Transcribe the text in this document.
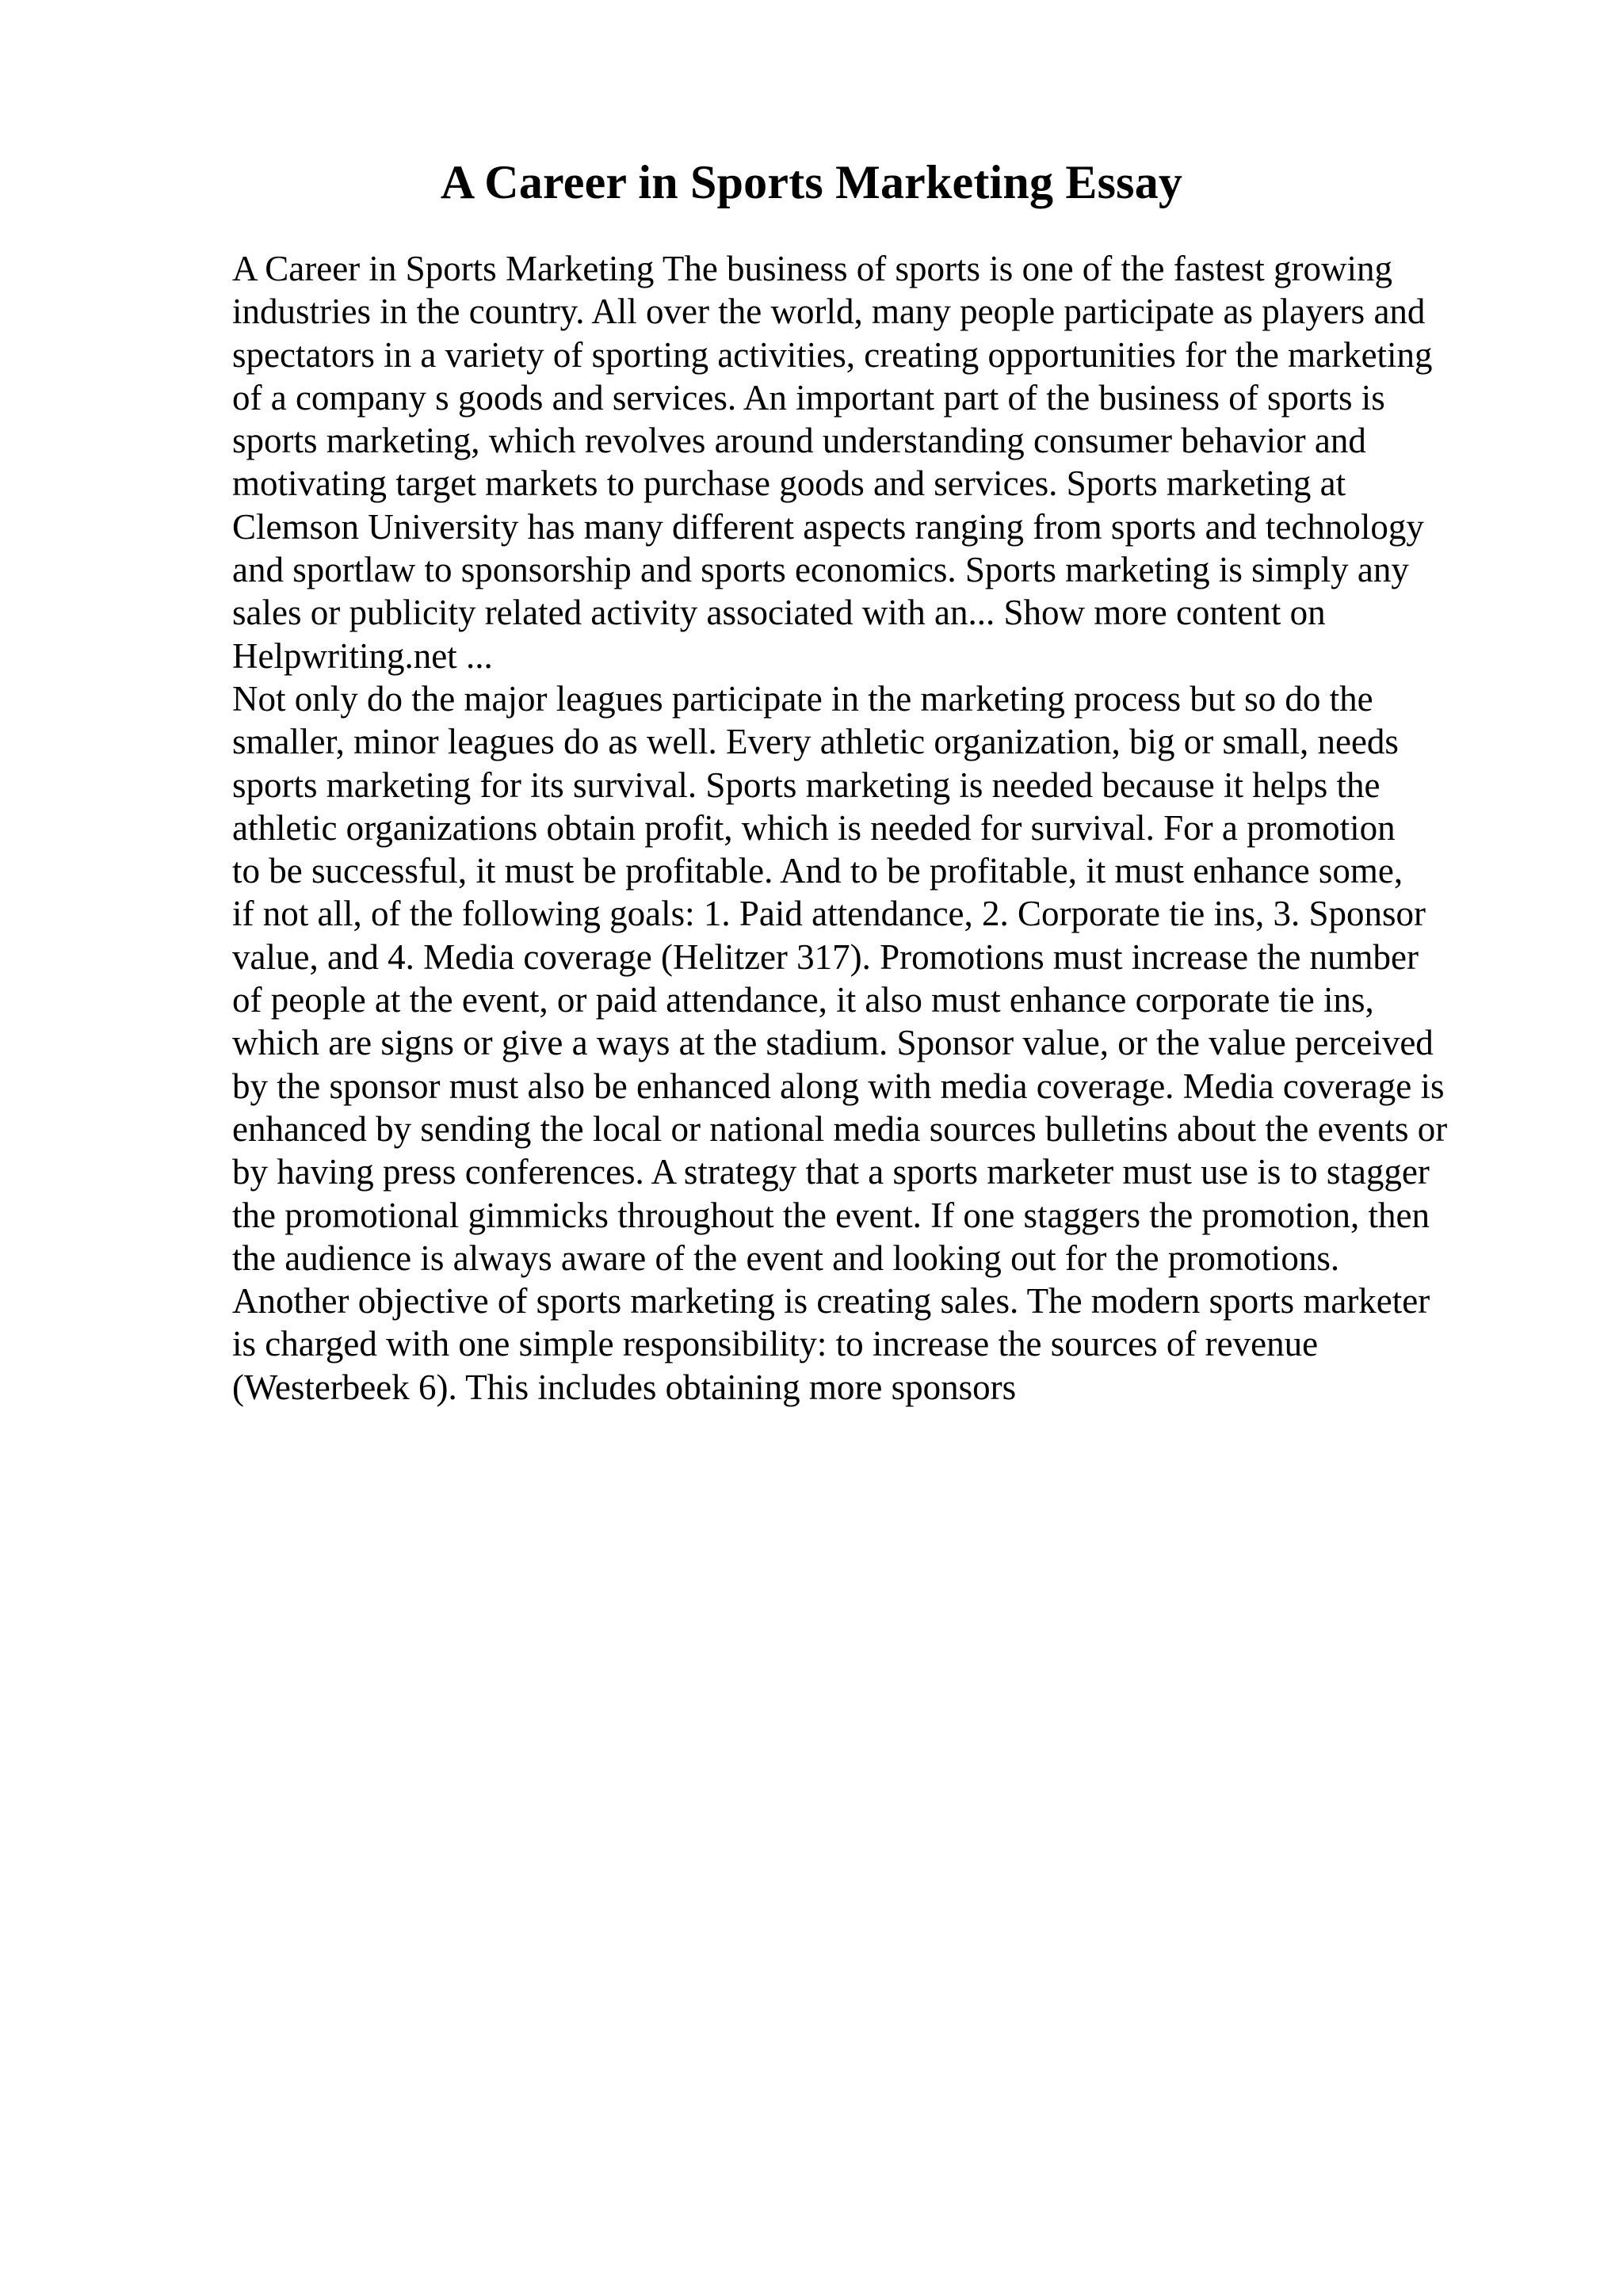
A Career in Sports Marketing Essay
A Career in Sports Marketing The business of sports is one of the fastest growing
industries in the country. All over the world, many people participate as players and
spectators in a variety of sporting activities, creating opportunities for the marketing
of a company s goods and services. An important part of the business of sports is
sports marketing, which revolves around understanding consumer behavior and
motivating target markets to purchase goods and services. Sports marketing at
Clemson University has many different aspects ranging from sports and technology
and sportlaw to sponsorship and sports economics. Sports marketing is simply any
sales or publicity related activity associated with an... Show more content on
Helpwriting.net ...
Not only do the major leagues participate in the marketing process but so do the
smaller, minor leagues do as well. Every athletic organization, big or small, needs
sports marketing for its survival. Sports marketing is needed because it helps the
athletic organizations obtain profit, which is needed for survival. For a promotion
to be successful, it must be profitable. And to be profitable, it must enhance some,
if not all, of the following goals: 1. Paid attendance, 2. Corporate tie ins, 3. Sponsor
value, and 4. Media coverage (Helitzer 317). Promotions must increase the number
of people at the event, or paid attendance, it also must enhance corporate tie ins,
which are signs or give a ways at the stadium. Sponsor value, or the value perceived
by the sponsor must also be enhanced along with media coverage. Media coverage is
enhanced by sending the local or national media sources bulletins about the events or
by having press conferences. A strategy that a sports marketer must use is to stagger
the promotional gimmicks throughout the event. If one staggers the promotion, then
the audience is always aware of the event and looking out for the promotions.
Another objective of sports marketing is creating sales. The modern sports marketer
is charged with one simple responsibility: to increase the sources of revenue
(Westerbeek 6). This includes obtaining more sponsors
